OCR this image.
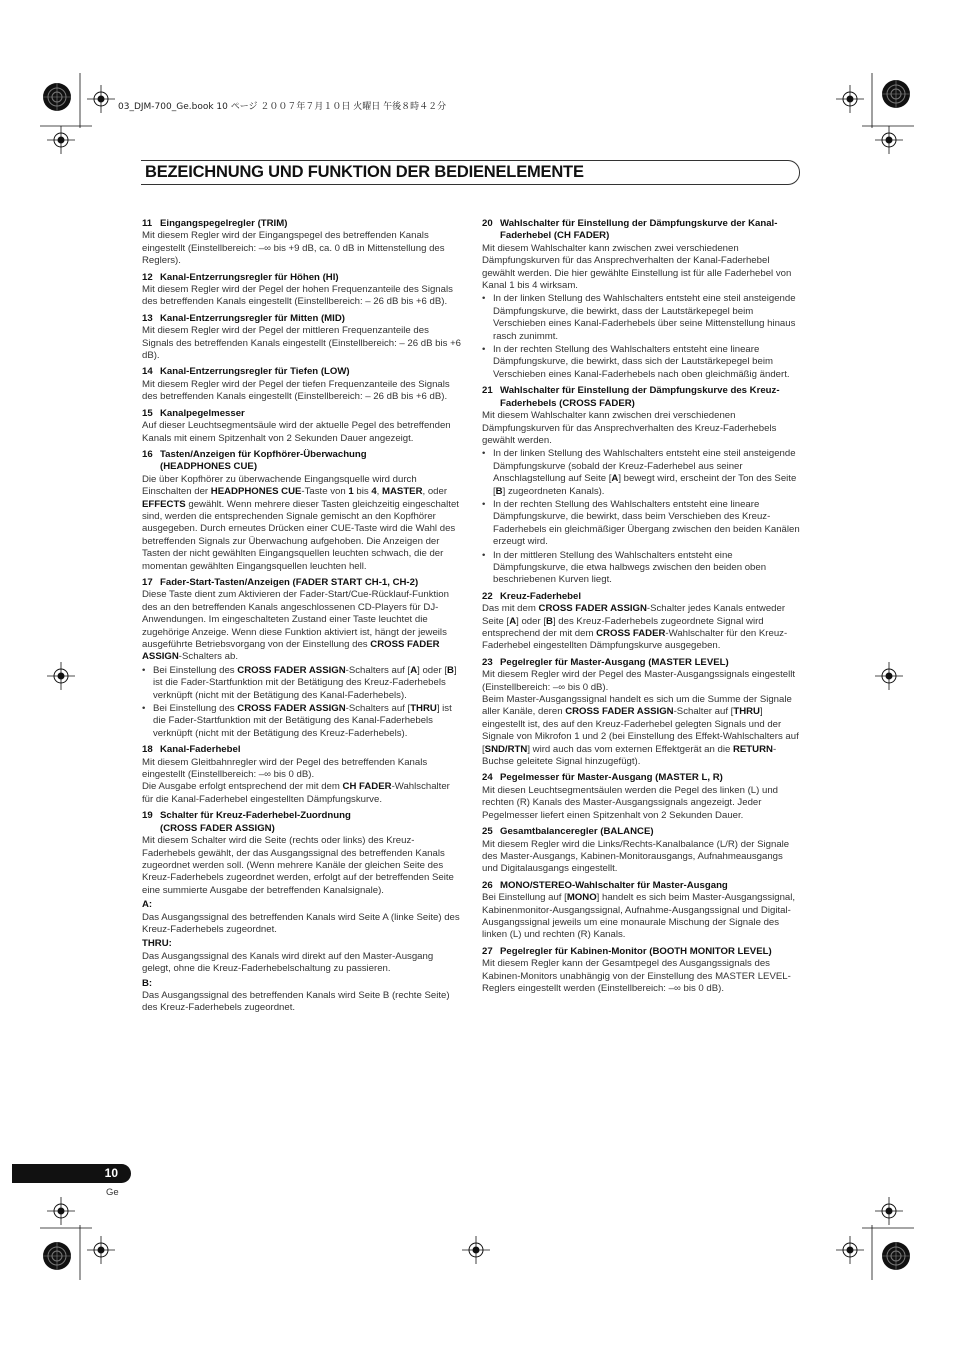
03_DJM-700_Ge.book 10 ページ ２００７年７月１０日 火曜日 午後８時４２分
BEZEICHNUNG UND FUNKTION DER BEDIENELEMENTE
11 Eingangspegelregler (TRIM)

Mit diesem Regler wird der Eingangspegel des betreffenden Kanals eingestellt (Einstellbereich: –∞ bis +9 dB, ca. 0 dB in Mittenstellung des Reglers).

12 Kanal-Entzerrungsregler für Höhen (HI)

Mit diesem Regler wird der Pegel der hohen Frequenzanteile des Signals des betreffenden Kanals eingestellt (Einstellbereich: – 26 dB bis +6 dB).

13 Kanal-Entzerrungsregler für Mitten (MID)

Mit diesem Regler wird der Pegel der mittleren Frequenzanteile des Signals des betreffenden Kanals eingestellt (Einstellbereich: – 26 dB bis +6 dB).

14 Kanal-Entzerrungsregler für Tiefen (LOW)

Mit diesem Regler wird der Pegel der tiefen Frequenzanteile des Signals des betreffenden Kanals eingestellt (Einstellbereich: – 26 dB bis +6 dB).

15 Kanalpegelmesser

Auf dieser Leuchtsegmentsäule wird der aktuelle Pegel des betreffenden Kanals mit einem Spitzenhalt von 2 Sekunden Dauer angezeigt.

16 Tasten/Anzeigen für Kopfhörer-Überwachung
(HEADPHONES CUE)

Die über Kopfhörer zu überwachende Eingangsquelle wird durch Einschalten der HEADPHONES CUE-Taste von 1 bis 4, MASTER, oder EFFECTS gewählt. Wenn mehrere dieser Tasten gleichzeitig eingeschaltet sind, werden die entsprechenden Signale gemischt an den Kopfhörer ausgegeben. Durch erneutes Drücken einer CUE-Taste wird die Wahl des betreffenden Signals zur Überwachung aufgehoben. Die Anzeigen der Tasten der nicht gewählten Eingangsquellen leuchten schwach, die der momentan gewählten Eingangsquellen leuchten hell.

17 Fader-Start-Tasten/Anzeigen (FADER START CH-1, CH-2)

Diese Taste dient zum Aktivieren der Fader-Start/Cue-Rücklauf-Funktion des an den betreffenden Kanals angeschlossenen CD-Players für DJ-Anwendungen. Im eingeschalteten Zustand einer Taste leuchtet die zugehörige Anzeige. Wenn diese Funktion aktiviert ist, hängt der jeweils ausgeführte Betriebsvorgang von der Einstellung des CROSS FADER ASSIGN-Schalters ab.

• Bei Einstellung des CROSS FADER ASSIGN-Schalters auf [A] oder [B] ist die Fader-Startfunktion mit der Betätigung des Kreuz-Faderhebels verknüpft (nicht mit der Betätigung des Kanal-Faderhebels).
• Bei Einstellung des CROSS FADER ASSIGN-Schalters auf [THRU] ist die Fader-Startfunktion mit der Betätigung des Kanal-Faderhebels verknüpft (nicht mit der Betätigung des Kreuz-Faderhebels).
18 Kanal-Faderhebel

Mit diesem Gleitbahnregler wird der Pegel des betreffenden Kanals eingestellt (Einstellbereich: –∞ bis 0 dB).

Die Ausgabe erfolgt entsprechend der mit dem CH FADER-Wahlschalter für die Kanal-Faderhebel eingestellten Dämpfungskurve.

19 Schalter für Kreuz-Faderhebel-Zuordnung
(CROSS FADER ASSIGN)

Mit diesem Schalter wird die Seite (rechts oder links) des Kreuz-Faderhebels gewählt, der das Ausgangssignal des betreffenden Kanals zugeordnet werden soll. (Wenn mehrere Kanäle der gleichen Seite des Kreuz-Faderhebels zugeordnet werden, erfolgt auf der betreffenden Seite eine summierte Ausgabe der betreffenden Kanalsignale).

A:

Das Ausgangssignal des betreffenden Kanals wird Seite A (linke Seite) des Kreuz-Faderhebels zugeordnet.

THRU:

Das Ausgangssignal des Kanals wird direkt auf den Master-Ausgang gelegt, ohne die Kreuz-Faderhebelschaltung zu passieren.

B:

Das Ausgangssignal des betreffenden Kanals wird Seite B (rechte Seite) des Kreuz-Faderhebels zugeordnet.

20 Wahlschalter für Einstellung der Dämpfungskurve der Kanal-
Faderhebel (CH FADER)

Mit diesem Wahlschalter kann zwischen zwei verschiedenen Dämpfungskurven für das Ansprechverhalten der Kanal-Faderhebel gewählt werden. Die hier gewählte Einstellung ist für alle Faderhebel von Kanal 1 bis 4 wirksam.

• In der linken Stellung des Wahlschalters entsteht eine steil ansteigende Dämpfungskurve, die bewirkt, dass der Lautstärkepegel beim Verschieben eines Kanal-Faderhebels über seine Mittenstellung hinaus rasch zunimmt.
• In der rechten Stellung des Wahlschalters entsteht eine lineare Dämpfungskurve, die bewirkt, dass sich der Lautstärkepegel beim Verschieben eines Kanal-Faderhebels nach oben gleichmäßig ändert.
21 Wahlschalter für Einstellung der Dämpfungskurve des Kreuz-
Faderhebels (CROSS FADER)

Mit diesem Wahlschalter kann zwischen drei verschiedenen Dämpfungskurven für das Ansprechverhalten des Kreuz-Faderhebels gewählt werden.

• In der linken Stellung des Wahlschalters entsteht eine steil ansteigende Dämpfungskurve (sobald der Kreuz-Faderhebel aus seiner Anschlagstellung auf Seite [A] bewegt wird, erscheint der Ton des Seite [B] zugeordneten Kanals).
• In der rechten Stellung des Wahlschalters entsteht eine lineare Dämpfungskurve, die bewirkt, dass beim Verschieben des Kreuz-Faderhebels ein gleichmäßiger Übergang zwischen den beiden Kanälen erzeugt wird.
• In der mittleren Stellung des Wahlschalters entsteht eine Dämpfungskurve, die etwa halbwegs zwischen den beiden oben beschriebenen Kurven liegt.
22 Kreuz-Faderhebel

Das mit dem CROSS FADER ASSIGN-Schalter jedes Kanals entweder Seite [A] oder [B] des Kreuz-Faderhebels zugeordnete Signal wird entsprechend der mit dem CROSS FADER-Wahlschalter für den Kreuz-Faderhebel eingestellten Dämpfungskurve ausgegeben.

23 Pegelregler für Master-Ausgang (MASTER LEVEL)

Mit diesem Regler wird der Pegel des Master-Ausgangssignals eingestellt (Einstellbereich: –∞ bis 0 dB).

Beim Master-Ausgangssignal handelt es sich um die Summe der Signale aller Kanäle, deren CROSS FADER ASSIGN-Schalter auf [THRU] eingestellt ist, des auf den Kreuz-Faderhebel gelegten Signals und der Signale von Mikrofon 1 und 2 (bei Einstellung des Effekt-Wahlschalters auf [SND/RTN] wird auch das vom externen Effektgerät an die RETURN-Buchse geleitete Signal hinzugefügt).

24 Pegelmesser für Master-Ausgang (MASTER L, R)

Mit diesen Leuchtsegmentsäulen werden die Pegel des linken (L) und rechten (R) Kanals des Master-Ausgangssignals angezeigt. Jeder Pegelmesser liefert einen Spitzenhalt von 2 Sekunden Dauer.

25 Gesamtbalanceregler (BALANCE)

Mit diesem Regler wird die Links/Rechts-Kanalbalance (L/R) der Signale des Master-Ausgangs, Kabinen-Monitorausgangs, Aufnahmeausgangs und Digitalausgangs eingestellt.

26 MONO/STEREO-Wahlschalter für Master-Ausgang

Bei Einstellung auf [MONO] handelt es sich beim Master-Ausgangssignal, Kabinenmonitor-Ausgangssignal, Aufnahme-Ausgangssignal und Digital-Ausgangssignal jeweils um eine monaurale Mischung der Signale des linken (L) und rechten (R) Kanals.

27 Pegelregler für Kabinen-Monitor (BOOTH MONITOR LEVEL)

Mit diesem Regler kann der Gesamtpegel des Ausgangssignals des Kabinen-Monitors unabhängig von der Einstellung des MASTER LEVEL-Reglers eingestellt werden (Einstellbereich: –∞ bis 0 dB).

10
Ge
